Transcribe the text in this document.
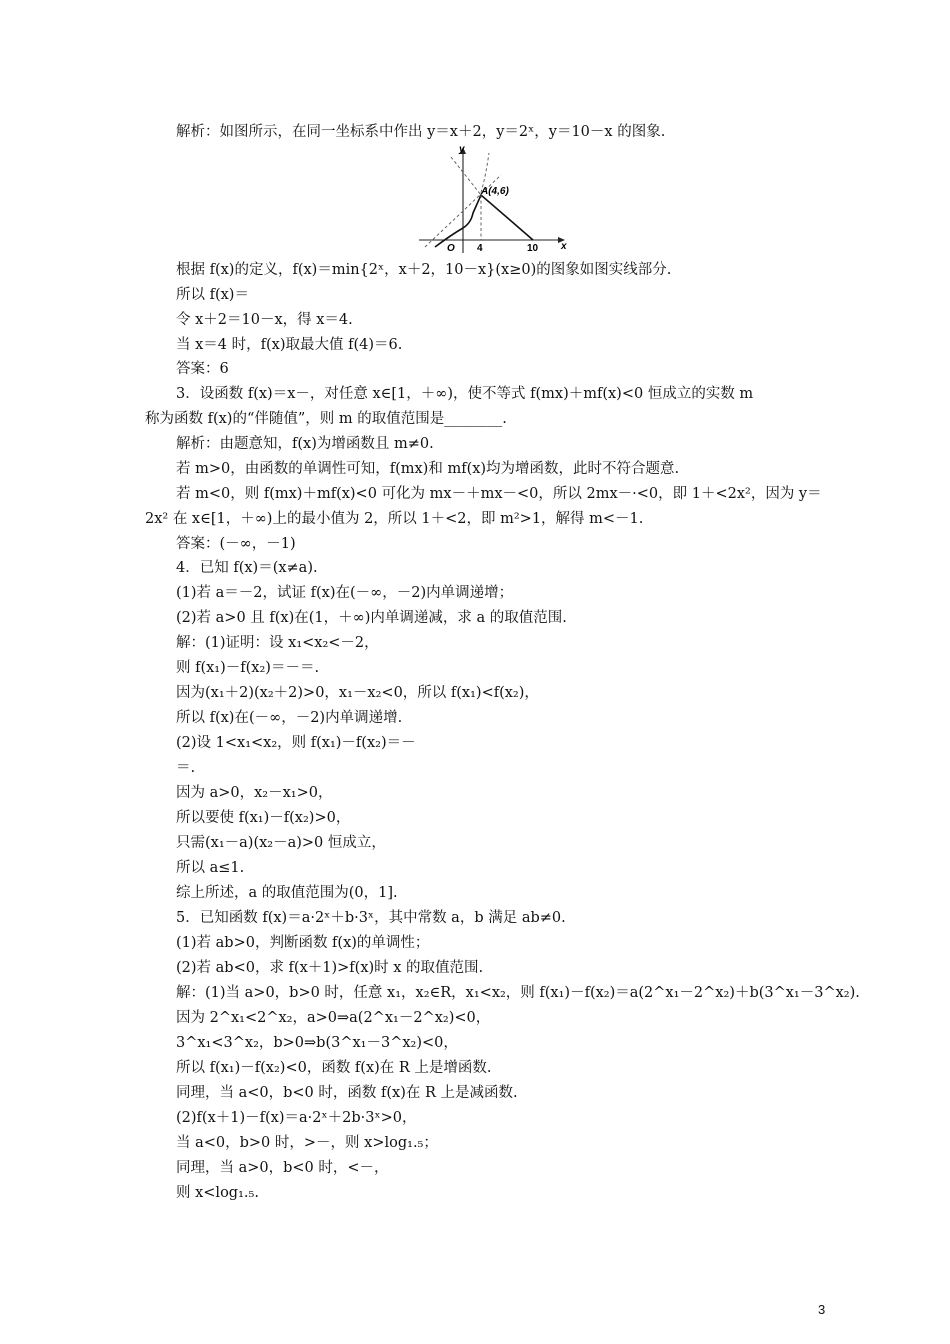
解析：如图所示，在同一坐标系中作出 y＝x＋2，y＝2ˣ，y＝10－x 的图象.
y
x
O 4	10
A(4,6)
根据 f(x)的定义，f(x)＝min{2ˣ，x＋2，10－x}(x≥0)的图象如图实线部分.
所以 f(x)＝
令 x＋2＝10－x，得 x＝4.
当 x＝4 时，f(x)取最大值 f(4)＝6.
答案：6
3．设函数 f(x)＝x－，对任意 x∈[1，＋∞)，使不等式 f(mx)＋mf(x)<0 恒成立的实数 m
称为函数 f(x)的“伴随值”，则 m 的取值范围是________.
解析：由题意知，f(x)为增函数且 m≠0.
若 m>0，由函数的单调性可知，f(mx)和 mf(x)均为增函数，此时不符合题意.
若 m<0，则 f(mx)＋mf(x)<0 可化为 mx－＋mx－<0，所以 2mx－·<0，即 1＋<2x²，因为 y＝
2x² 在 x∈[1，＋∞)上的最小值为 2，所以 1＋<2，即 m²>1，解得 m<－1.
答案：(－∞，－1)
4．已知 f(x)＝(x≠a).
(1)若 a＝－2，试证 f(x)在(－∞，－2)内单调递增；
(2)若 a>0 且 f(x)在(1，＋∞)内单调递减，求 a 的取值范围.
解：(1)证明：设 x₁<x₂<－2，
则 f(x₁)－f(x₂)＝－＝.
因为(x₁＋2)(x₂＋2)>0，x₁－x₂<0，所以 f(x₁)<f(x₂)，
所以 f(x)在(－∞，－2)内单调递增.
(2)设 1<x₁<x₂，则 f(x₁)－f(x₂)＝－
＝.
因为 a>0，x₂－x₁>0，
所以要使 f(x₁)－f(x₂)>0，
只需(x₁－a)(x₂－a)>0 恒成立，
所以 a≤1.
综上所述，a 的取值范围为(0，1].
5．已知函数 f(x)＝a·2ˣ＋b·3ˣ，其中常数 a，b 满足 ab≠0.
(1)若 ab>0，判断函数 f(x)的单调性；
(2)若 ab<0，求 f(x＋1)>f(x)时 x 的取值范围.
解：(1)当 a>0，b>0 时，任意 x₁，x₂∈R，x₁<x₂，则 f(x₁)－f(x₂)＝a(2^x₁－2^x₂)＋b(3^x₁－3^x₂).
因为 2^x₁<2^x₂，a>0⇒a(2^x₁－2^x₂)<0，
3^x₁<3^x₂，b>0⇒b(3^x₁－3^x₂)<0，
所以 f(x₁)－f(x₂)<0，函数 f(x)在 R 上是增函数.
同理，当 a<0，b<0 时，函数 f(x)在 R 上是减函数.
(2)f(x＋1)－f(x)＝a·2ˣ＋2b·3ˣ>0，
当 a<0，b>0 时，>－，则 x>log₁.₅；
同理，当 a>0，b<0 时，<－，
则 x<log₁.₅.
3
